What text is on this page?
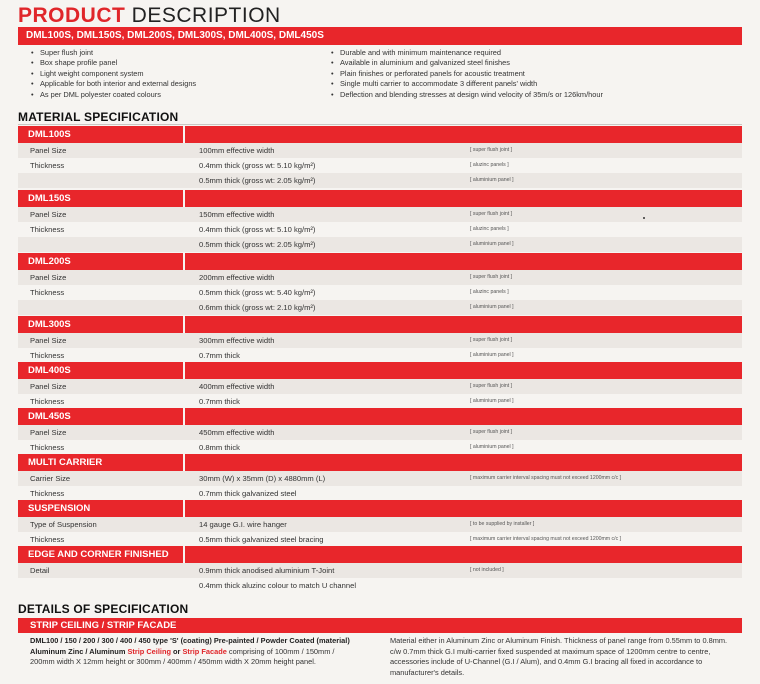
PRODUCT DESCRIPTION
DML100S, DML150S, DML200S, DML300S, DML400S, DML450S
• Super flush joint
• Box shape profile panel
• Light weight component system
• Applicable for both interior and external designs
• As per DML polyester coated colours
• Durable and with minimum maintenance required
• Available in aluminium and galvanized steel finishes
• Plain finishes or perforated panels for acoustic treatment
• Single multi carrier to accommodate 3 different panels' width
• Deflection and blending stresses at design wind velocity of 35m/s or 126km/hour
MATERIAL SPECIFICATION
DML100S
Panel Size	100mm effective width	[ super flush joint ]
Thickness	0.4mm thick (gross wt: 5.10 kg/m²)	[ aluzinc panels ]
0.5mm thick (gross wt: 2.05 kg/m²)	[ aluminium panel ]
DML150S
Panel Size	150mm effective width	[ super flush joint ]
Thickness	0.4mm thick (gross wt: 5.10 kg/m²)	[ aluzinc panels ]
0.5mm thick (gross wt: 2.05 kg/m²)	[ aluminium panel ]
DML200S
Panel Size	200mm effective width	[ super flush joint ]
Thickness	0.5mm thick (gross wt: 5.40 kg/m²)	[ aluzinc panels ]
0.6mm thick (gross wt: 2.10 kg/m²)	[ aluminium panel ]
DML300S
Panel Size	300mm effective width	[ super flush joint ]
Thickness	0.7mm thick	[ aluminium panel ]
DML400S
Panel Size	400mm effective width	[ super flush joint ]
Thickness	0.7mm thick	[ aluminium panel ]
DML450S
Panel Size	450mm effective width	[ super flush joint ]
Thickness	0.8mm thick	[ aluminium panel ]
MULTI CARRIER
Carrier Size	30mm (W) x 35mm (D) x 4880mm (L)	[ maximum carrier interval spacing must not exceed 1200mm c/c ]
Thickness	0.7mm thick galvanized steel
SUSPENSION
Type of Suspension	14 gauge G.I. wire hanger	[ to be supplied by installer ]
Thickness	0.5mm thick galvanized steel bracing	[ maximum carrier interval spacing must not exceed 1200mm c/c ]
EDGE AND CORNER FINISHED
Detail	0.9mm thick anodised aluminium T-Joint	[ not included ]
0.4mm thick aluzinc colour to match U channel
DETAILS OF SPECIFICATION
STRIP CEILING / STRIP FACADE
DML100 / 150 / 200 / 300 / 400 / 450 type 'S' (coating) Pre-painted / Powder Coated (material) Aluminum Zinc / Aluminum Strip Ceiling or Strip Facade comprising of 100mm / 150mm / 200mm width X 12mm height or 300mm / 400mm / 450mm width X 20mm height panel.
Material either in Aluminum Zinc or Aluminum Finish. Thickness of panel range from 0.55mm to 0.8mm. c/w 0.7mm thick G.I multi-carrier fixed suspended at maximum space of 1200mm centre to centre, accessories include of U-Channel (G.I / Alum), and 0.4mm G.I bracing all fixed in accordance to manufacturer's details.
